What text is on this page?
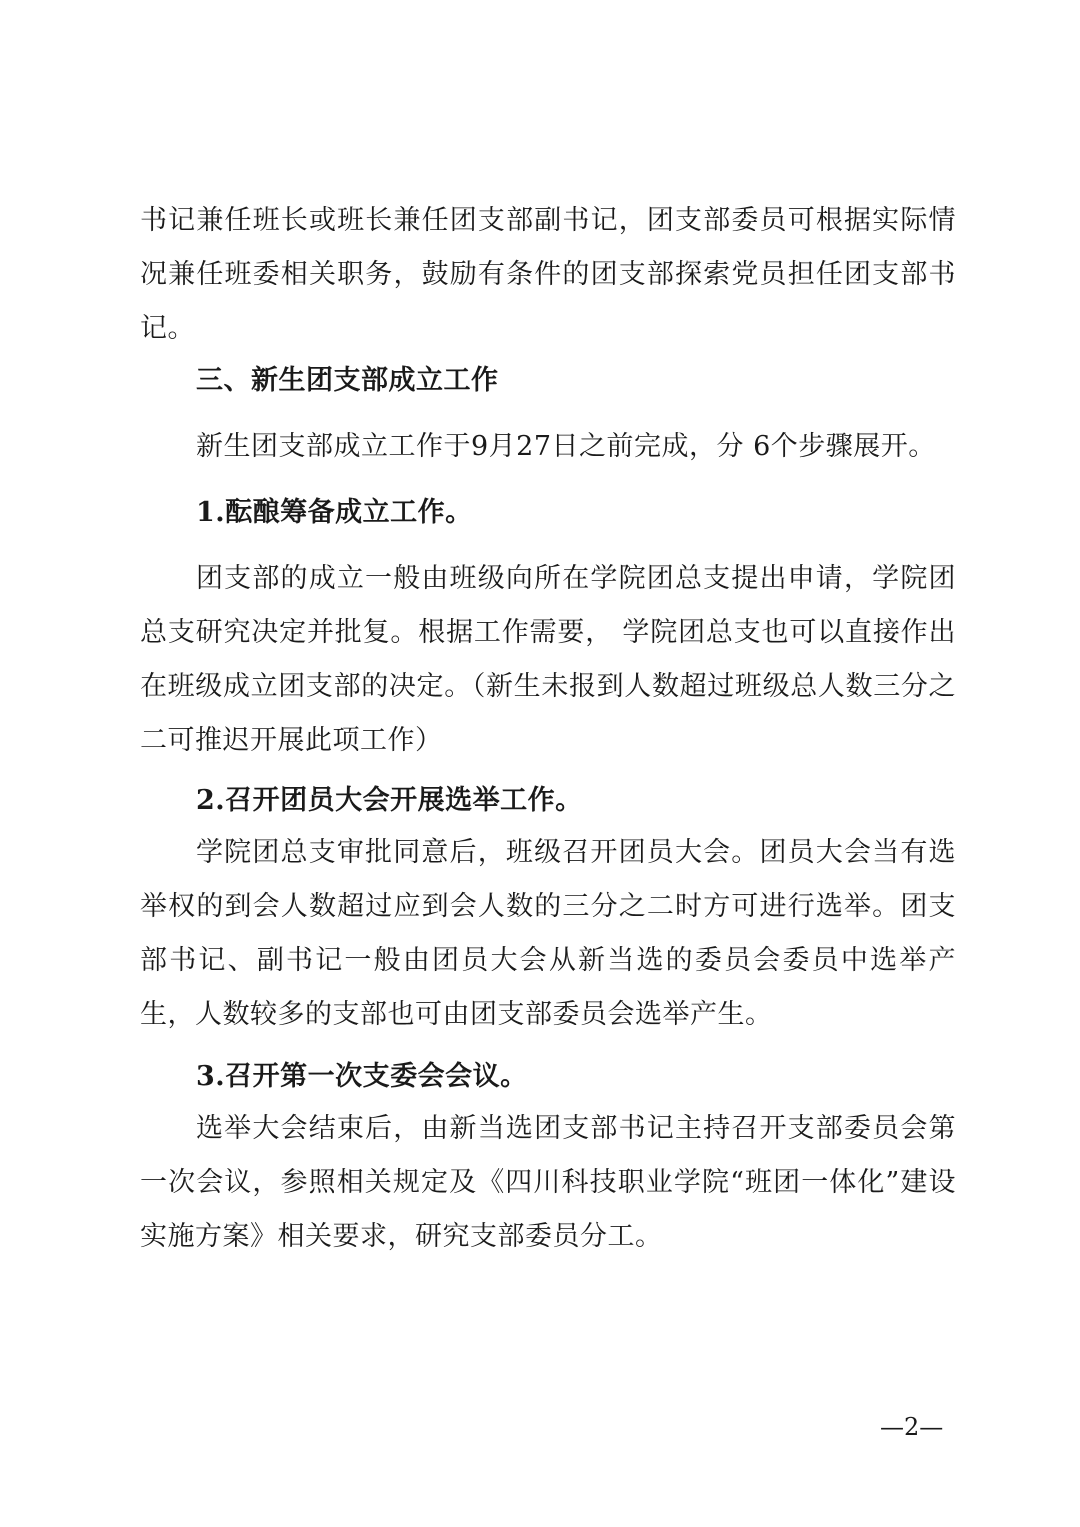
书记兼任班长或班长兼任团支部副书记，团支部委员可根据实际情况兼任班委相关职务，鼓励有条件的团支部探索党员担任团支部书记。

三、新生团支部成立工作

新生团支部成立工作于9月27日之前完成，分 6个步骤展开。

1.酝酿筹备成立工作。

团支部的成立一般由班级向所在学院团总支提出申请，学院团总支研究决定并批复。根据工作需要， 学院团总支也可以直接作出在班级成立团支部的决定。（新生未报到人数超过班级总人数三分之二可推迟开展此项工作）

2.召开团员大会开展选举工作。

学院团总支审批同意后，班级召开团员大会。团员大会当有选举权的到会人数超过应到会人数的三分之二时方可进行选举。团支部书记、副书记一般由团员大会从新当选的委员会委员中选举产生，人数较多的支部也可由团支部委员会选举产生。

3.召开第一次支委会会议。

选举大会结束后，由新当选团支部书记主持召开支部委员会第一次会议，参照相关规定及《四川科技职业学院“班团一体化”建设实施方案》相关要求，研究支部委员分工。

—2—
